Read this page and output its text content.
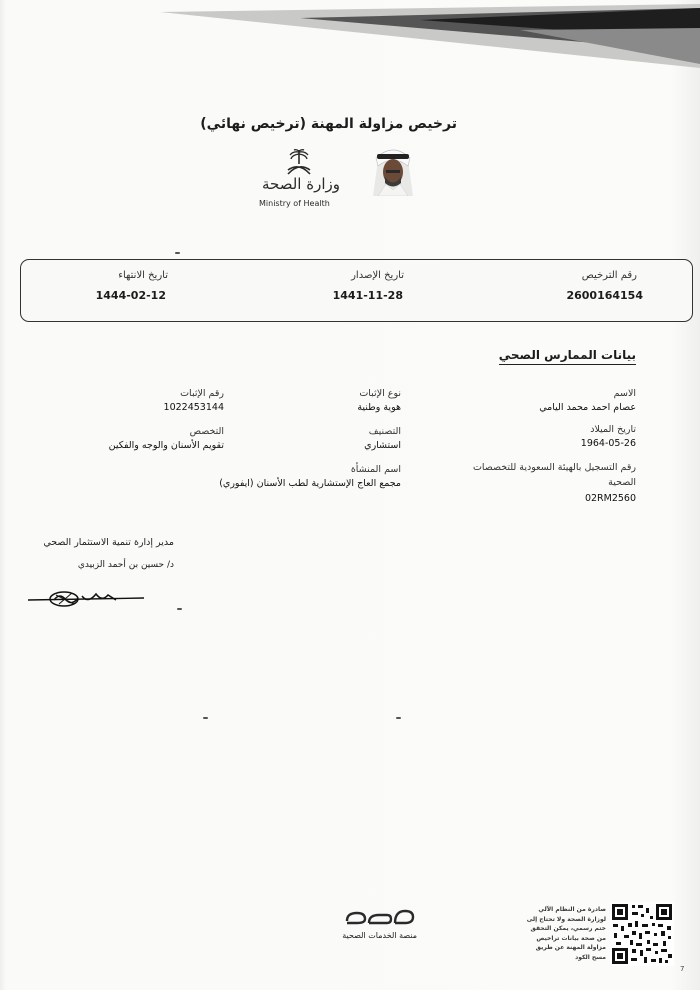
ترخيص مزاولة المهنة (ترخيص نهائي)
وزارة الصحة
Ministry of Health
رقم الترخيص
2600164154
تاريخ الإصدار
1441-11-28
تاريخ الانتهاء
1444-02-12
بيانات الممارس الصحي
الاسم
عصام احمد محمد اليامي
تاريخ الميلاد
1964-05-26
رقم التسجيل بالهيئة السعودية للتخصصات الصحية
02RM2560
نوع الإثبات
هوية وطنية
التصنيف
استشاري
اسم المنشأة
مجمع العاج الإستشارية لطب الأسنان (ايفوري)
رقم الإثبات
1022453144
التخصص
تقويم الأسنان والوجه والفكين
مدير إدارة تنمية الاستثمار الصحي
د/ حسين بن أحمد الزبيدي
منصة الخدمات الصحية
صادرة من النظام الآلي لوزارة الصحة ولا تحتاج إلى ختم رسمي، يمكن التحقق من صحة بيانات تراخيص مزاولة المهنة عن طريق مسح الكود
7
